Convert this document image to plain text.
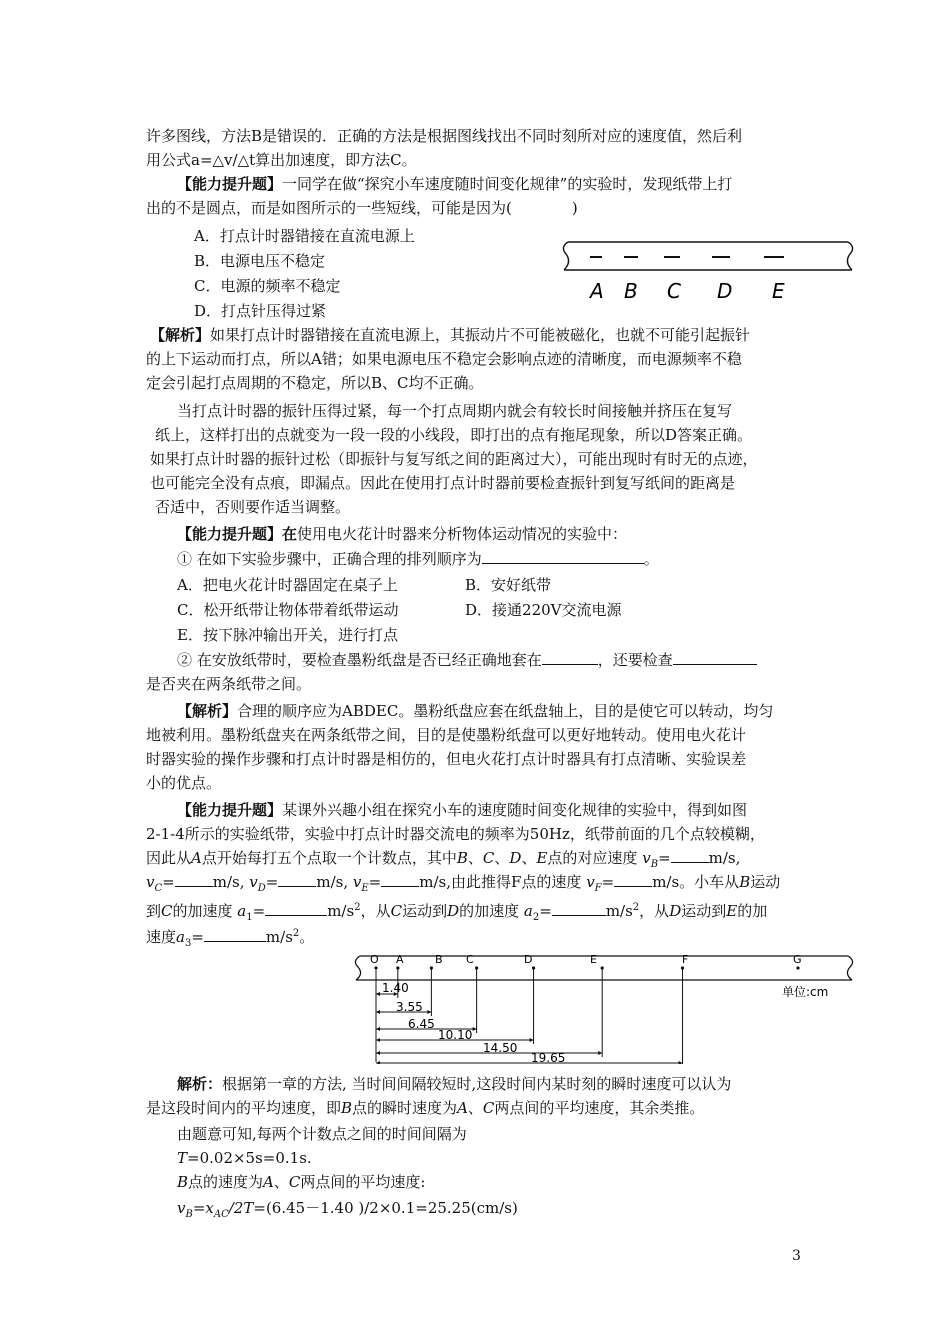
许多图线，方法B是错误的．正确的方法是根据图线找出不同时刻所对应的速度值，然后利
用公式a=△v/△t算出加速度，即方法C。
【能力提升题】一同学在做“探究小车速度随时间变化规律”的实验时，发现纸带上打
出的不是圆点，而是如图所示的一些短线，可能是因为(　　　　)
A．打点计时器错接在直流电源上
B．电源电压不稳定
C．电源的频率不稳定
D．打点针压得过紧
A B C D E
【解析】如果打点计时器错接在直流电源上，其振动片不可能被磁化，也就不可能引起振针
的上下运动而打点，所以A错；如果电源电压不稳定会影响点迹的清晰度，而电源频率不稳
定会引起打点周期的不稳定，所以B、C均不正确。
当打点计时器的振针压得过紧，每一个打点周期内就会有较长时间接触并挤压在复写
纸上，这样打出的点就变为一段一段的小线段，即打出的点有拖尾现象，所以D答案正确。
如果打点计时器的振针过松（即振针与复写纸之间的距离过大），可能出现时有时无的点迹，
也可能完全没有点痕，即漏点。因此在使用打点计时器前要检查振针到复写纸间的距离是
否适中，否则要作适当调整。
【能力提升题】在使用电火花计时器来分析物体运动情况的实验中：
① 在如下实验步骤中，正确合理的排列顺序为	。
A．把电火花计时器固定在桌子上	B．安好纸带
C．松开纸带让物体带着纸带运动	D．接通220V交流电源
E．按下脉冲输出开关，进行打点
② 在安放纸带时，要检查墨粉纸盘是否已经正确地套在	，还要检查
是否夹在两条纸带之间。
【解析】合理的顺序应为ABDEC。墨粉纸盘应套在纸盘轴上，目的是使它可以转动，均匀
地被利用。墨粉纸盘夹在两条纸带之间，目的是使墨粉纸盘可以更好地转动。使用电火花计
时器实验的操作步骤和打点计时器是相仿的，但电火花打点计时器具有打点清晰、实验误差
小的优点。
【能力提升题】某课外兴趣小组在探究小车的速度随时间变化规律的实验中，得到如图
2-1-4所示的实验纸带，实验中打点计时器交流电的频率为50Hz，纸带前面的几个点较模糊，
因此从A点开始每打五个点取一个计数点，其中B、C、D、E点的对应速度 $v_B=$	m/s,
$v_C=$	m/s, $v_D=$	m/s, $v_E=$	m/s,由此推得F点的速度 $v_F=$	m/s。小车从B运动
到C的加速度 $a_1=$	$m/s^2$，从C运动到D的加速度 $a_2=$	$m/s^2$，从D运动到E的加
速度$a_3=$	$m/s^2$。
O A	B C	D	E	F	G
1.40
3.55
6.45
10.10
14.50
19.65
单位:cm
解析：根据第一章的方法, 当时间间隔较短时,这段时间内某时刻的瞬时速度可以认为
是这段时间内的平均速度，即B点的瞬时速度为A、C两点间的平均速度，其余类推。
由题意可知,每两个计数点之间的时间间隔为
T=0.02×5s=0.1s.
B点的速度为A、C两点间的平均速度:
$v_B=x_{AC}/2T=(6.45-1.40$ )/2×0.1=25.25(cm/s)
3
